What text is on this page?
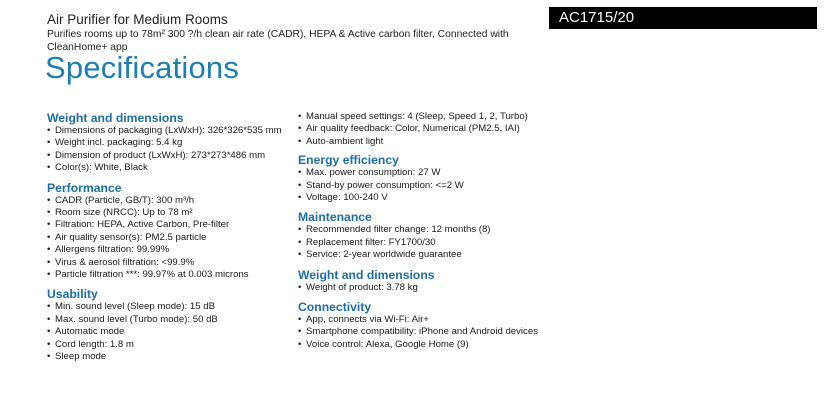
Air Purifier for Medium Rooms
Purifies rooms up to 78m² 300 ?/h clean air rate (CADR), HEPA & Active carbon filter, Connected with CleanHome+ app
AC1715/20
Specifications
Weight and dimensions
• Dimensions of packaging (LxWxH): 326*326*535 mm
• Weight incl. packaging: 5.4 kg
• Dimension of product (LxWxH): 273*273*486 mm
• Color(s): White, Black
Performance
• CADR (Particle, GB/T): 300 m³/h
• Room size (NRCC): Up to 78 m²
• Filtration: HEPA, Active Carbon, Pre-filter
• Air quality sensor(s): PM2.5 particle
• Allergens filtration: 99.99%
• Virus & aerosol filtration: <99.9%
• Particle filtration ***: 99.97% at 0.003 microns
Usability
• Min. sound level (Sleep mode): 15 dB
• Max. sound level (Turbo mode): 50 dB
• Automatic mode
• Cord length: 1.8 m
• Sleep mode
• Manual speed settings: 4 (Sleep, Speed 1, 2, Turbo)
• Air quality feedback: Color, Numerical (PM2.5, IAI)
• Auto-ambient light
Energy efficiency
• Max. power consumption: 27 W
• Stand-by power consumption: <=2 W
• Voltage: 100-240 V
Maintenance
• Recommended filter change: 12 months (8)
• Replacement filter: FY1700/30
• Service: 2-year worldwide guarantee
Weight and dimensions
• Weight of product: 3.78 kg
Connectivity
• App, connects via Wi-Fi: Air+
• Smartphone compatibility: iPhone and Android devices
• Voice control: Alexa, Google Home (9)
